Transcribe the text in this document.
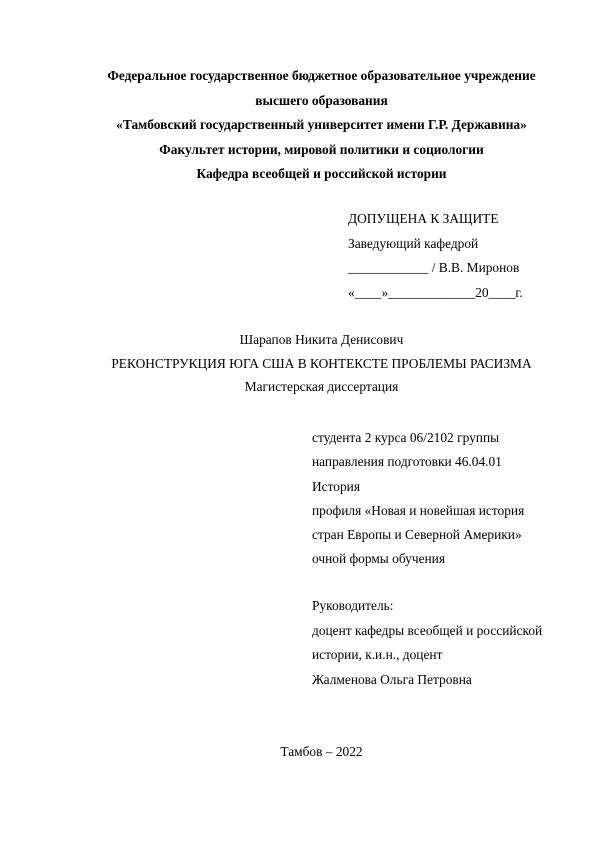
Федеральное государственное бюджетное образовательное учреждение
высшего образования
«Тамбовский государственный университет имени Г.Р. Державина»
Факультет истории, мировой политики и социологии
Кафедра всеобщей и российской истории
ДОПУЩЕНА К ЗАЩИТЕ
Заведующий кафедрой
____________ / В.В. Миронов
«____»_____________20____г.
Шарапов Никита Денисович
РЕКОНСТРУКЦИЯ ЮГА США В КОНТЕКСТЕ ПРОБЛЕМЫ РАСИЗМА
Магистерская диссертация
студента 2 курса 06/2102 группы
направления подготовки 46.04.01
История
профиля «Новая и новейшая история
стран Европы и Северной Америки»
очной формы обучения
Руководитель:
доцент кафедры всеобщей и российской
истории, к.и.н., доцент
Жалменова Ольга Петровна
Тамбов – 2022
